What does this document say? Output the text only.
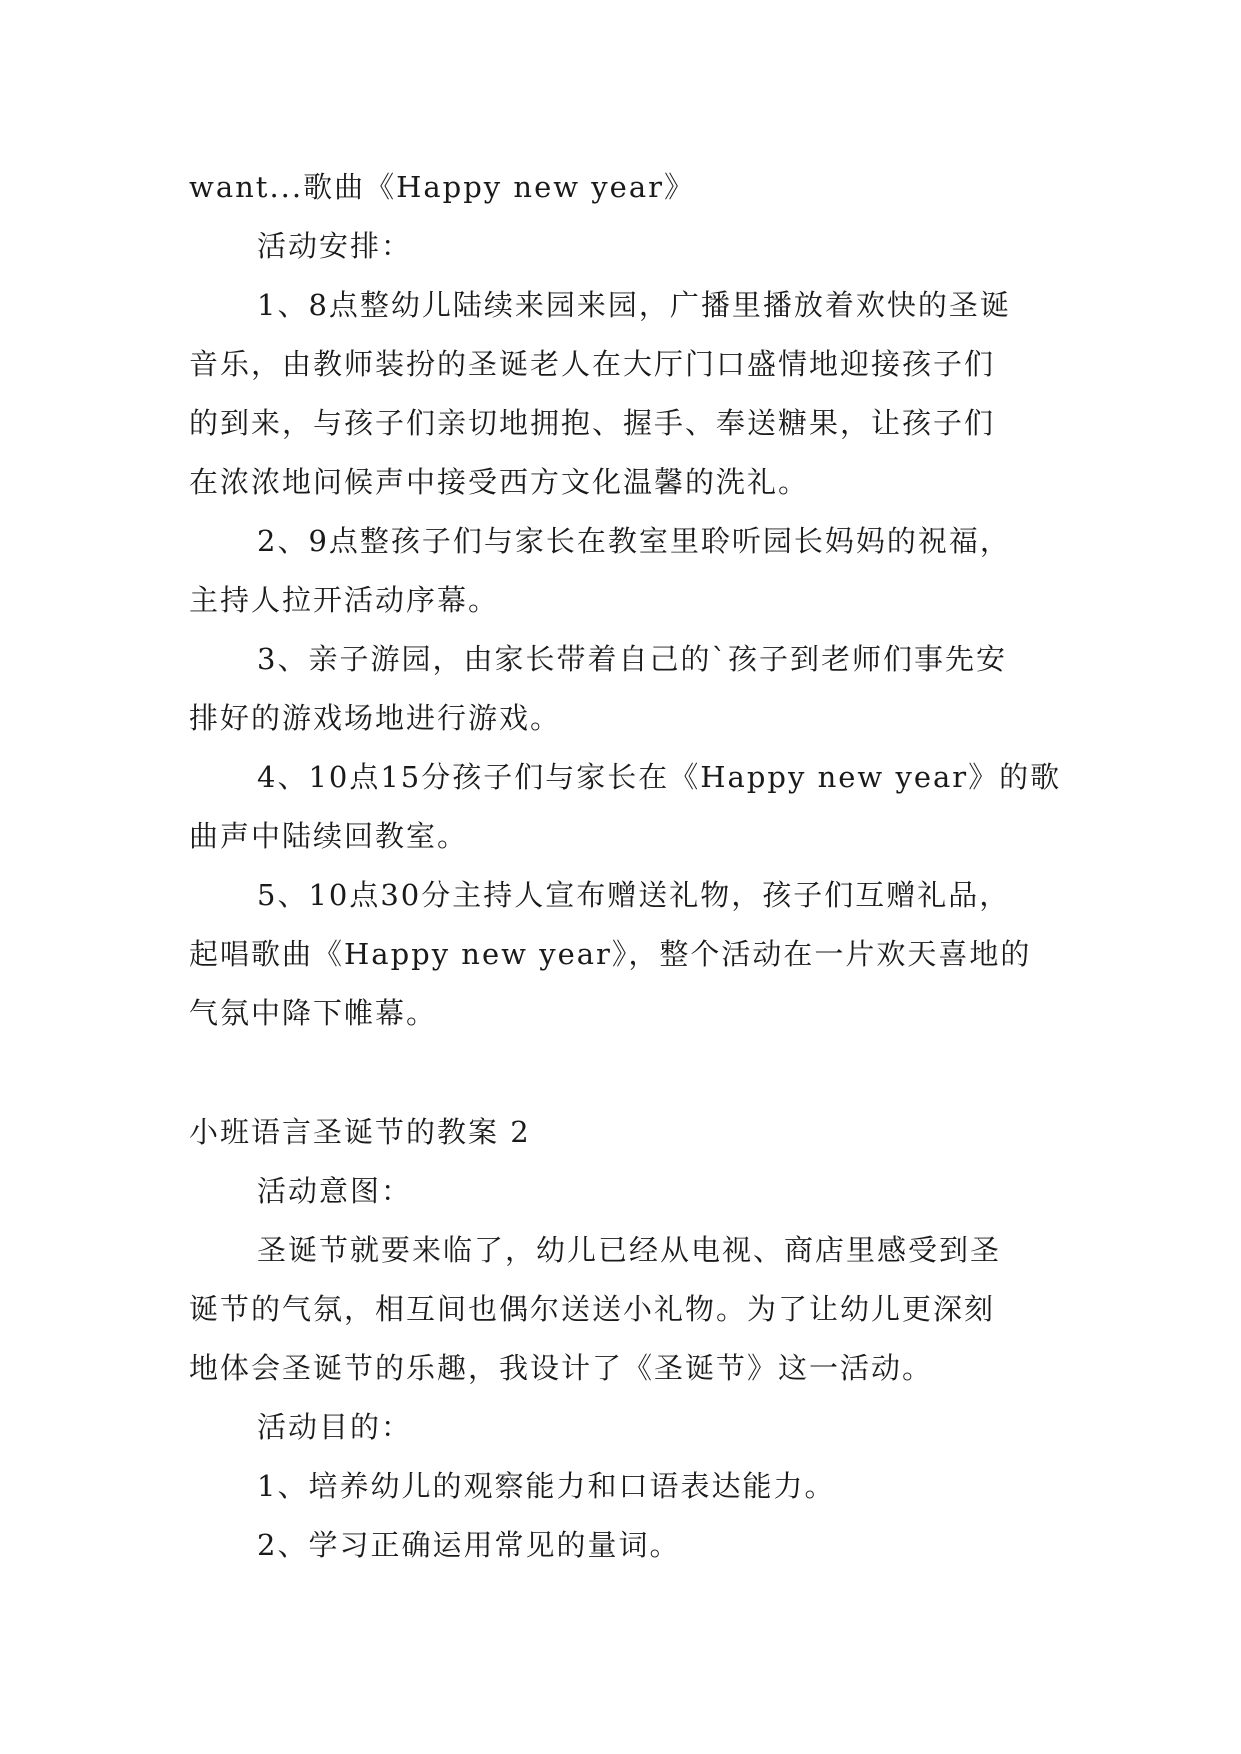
want...歌曲《Happy new year》
活动安排：
1、8点整幼儿陆续来园来园，广播里播放着欢快的圣诞
音乐，由教师装扮的圣诞老人在大厅门口盛情地迎接孩子们
的到来，与孩子们亲切地拥抱、握手、奉送糖果，让孩子们
在浓浓地问候声中接受西方文化温馨的洗礼。
2、9点整孩子们与家长在教室里聆听园长妈妈的祝福，
主持人拉开活动序幕。
3、亲子游园，由家长带着自己的`孩子到老师们事先安
排好的游戏场地进行游戏。
4、10点15分孩子们与家长在《Happy new year》的歌
曲声中陆续回教室。
5、10点30分主持人宣布赠送礼物，孩子们互赠礼品，
起唱歌曲《Happy new year》，整个活动在一片欢天喜地的
气氛中降下帷幕。
小班语言圣诞节的教案 2
活动意图：
圣诞节就要来临了，幼儿已经从电视、商店里感受到圣
诞节的气氛，相互间也偶尔送送小礼物。为了让幼儿更深刻
地体会圣诞节的乐趣，我设计了《圣诞节》这一活动。
活动目的：
1、培养幼儿的观察能力和口语表达能力。
2、学习正确运用常见的量词。
